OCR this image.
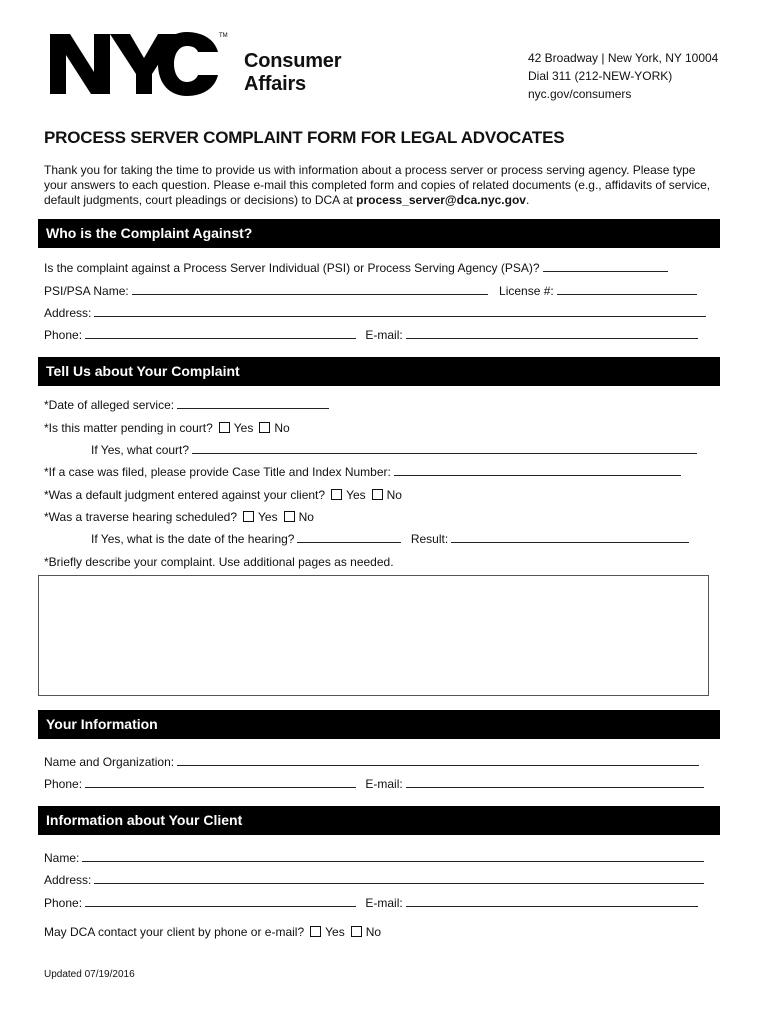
TM
Consumer
Affairs
42 Broadway | New York, NY 10004
Dial 311 (212-NEW-YORK)
nyc.gov/consumers
PROCESS SERVER COMPLAINT FORM FOR LEGAL ADVOCATES
Thank you for taking the time to provide us with information about a process server or process serving agency. Please type your answers to each question. Please e-mail this completed form and copies of related documents (e.g., affidavits of service, default judgments, court pleadings or decisions) to DCA at process_server@dca.nyc.gov.
Who is the Complaint Against?
Is the complaint against a Process Server Individual (PSI) or Process Serving Agency (PSA)?
PSI/PSA Name:	License #:
Address:
Phone:	E-mail:
Tell Us about Your Complaint
*Date of alleged service:
*Is this matter pending in court? Yes No
If Yes, what court?
*If a case was filed, please provide Case Title and Index Number:
*Was a default judgment entered against your client? Yes No
*Was a traverse hearing scheduled? Yes No
If Yes, what is the date of the hearing?	Result:
*Briefly describe your complaint. Use additional pages as needed.
Your Information
Name and Organization:
Phone:	E-mail:
Information about Your Client
Name:
Address:
Phone:	E-mail:
May DCA contact your client by phone or e-mail? Yes No
Updated 07/19/2016
